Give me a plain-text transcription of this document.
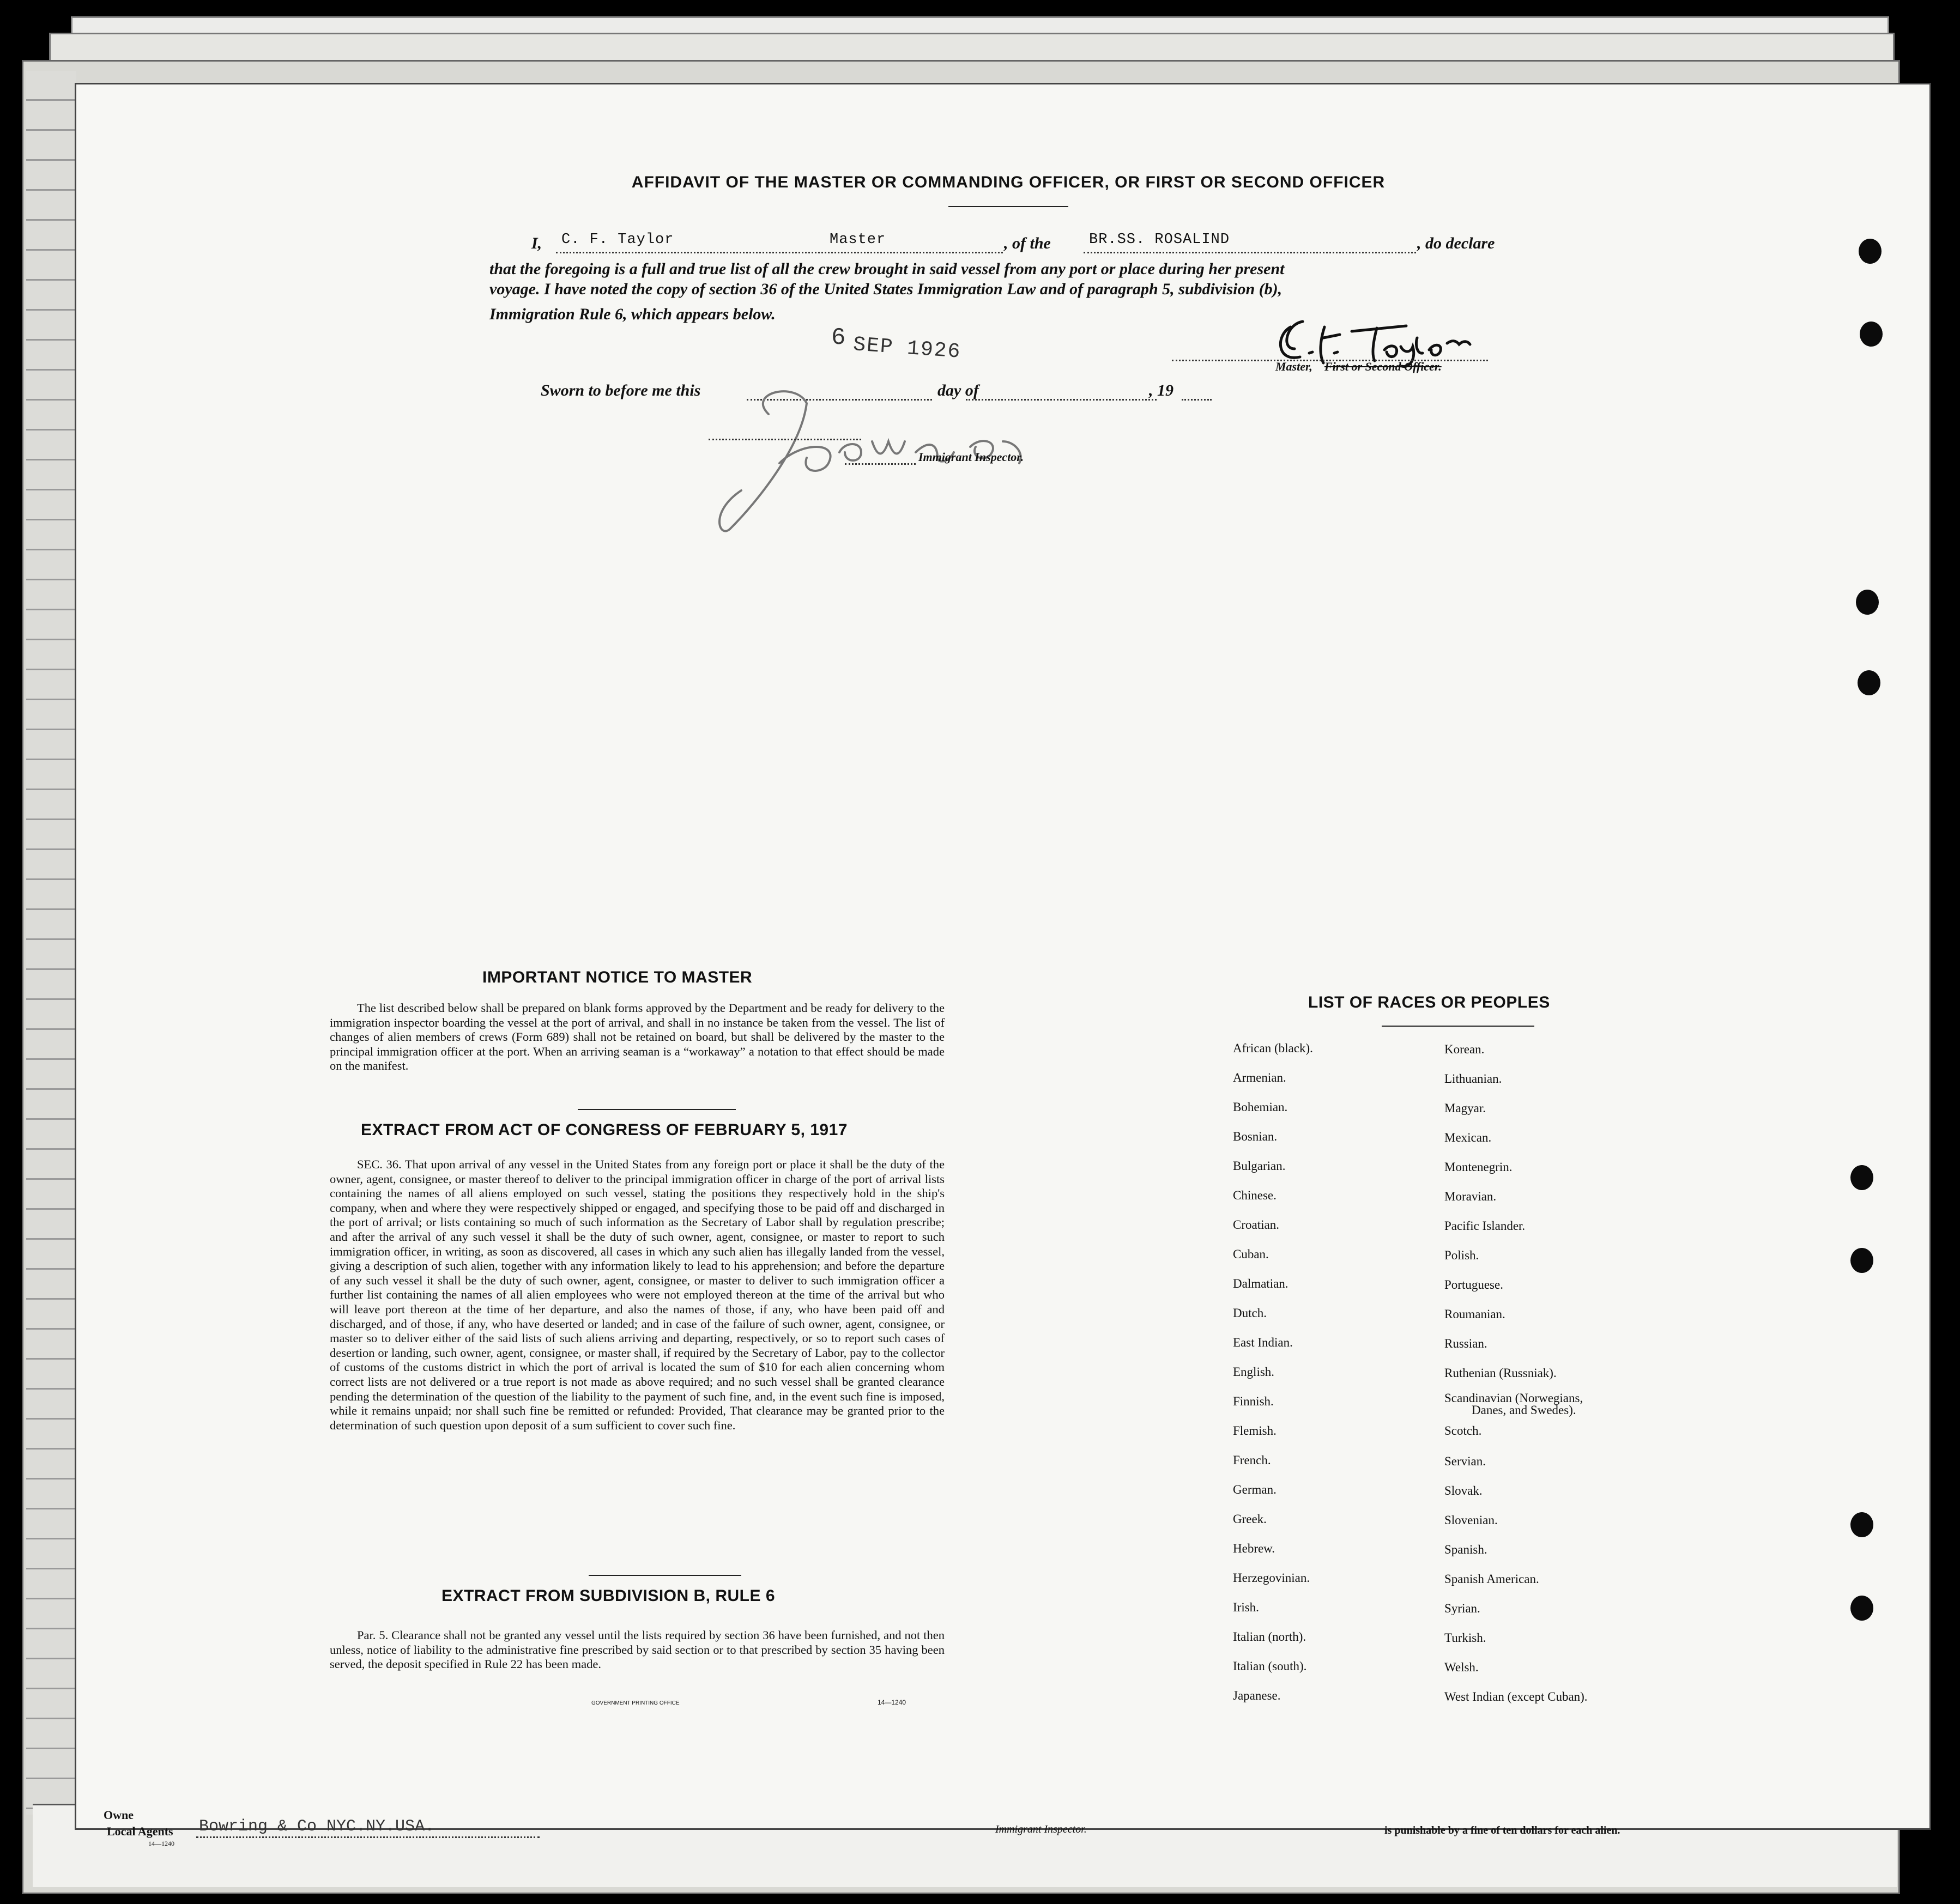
AFFIDAVIT OF THE MASTER OR COMMANDING OFFICER, OR FIRST OR SECOND OFFICER
I, C. F. Taylor	Master	, of the	BR.SS. ROSALIND	, do declare
that the foregoing is a full and true list of all the crew brought in said vessel from any port or place during her present
voyage. I have noted the copy of section 36 of the United States Immigration Law and of paragraph 5, subdivision (b),
Immigration Rule 6, which appears below.
6 SEP 1926
Master, First or Second Officer.
Sworn to before me this	day of	, 19
Immigrant Inspector.
IMPORTANT NOTICE TO MASTER

The list described below shall be prepared on blank forms approved by the Department and be ready for delivery to the immigration inspector boarding the vessel at the port of arrival, and shall in no instance be taken from the vessel. The list of changes of alien members of crews (Form 689) shall not be retained on board, but shall be delivered by the master to the principal immigration officer at the port. When an arriving seaman is a “workaway” a notation to that effect should be made on the manifest.

EXTRACT FROM ACT OF CONGRESS OF FEBRUARY 5, 1917

SEC. 36. That upon arrival of any vessel in the United States from any foreign port or place it shall be the duty of the owner, agent, consignee, or master thereof to deliver to the principal immigration officer in charge of the port of arrival lists containing the names of all aliens employed on such vessel, stating the positions they respectively hold in the ship's company, when and where they were respectively shipped or engaged, and specifying those to be paid off and discharged in the port of arrival; or lists containing so much of such information as the Secretary of Labor shall by regulation prescribe; and after the arrival of any such vessel it shall be the duty of such owner, agent, consignee, or master to report to such immigration officer, in writing, as soon as discovered, all cases in which any such alien has illegally landed from the vessel, giving a description of such alien, together with any information likely to lead to his apprehension; and before the departure of any such vessel it shall be the duty of such owner, agent, consignee, or master to deliver to such immigration officer a further list containing the names of all alien employees who were not employed thereon at the time of the arrival but who will leave port thereon at the time of her departure, and also the names of those, if any, who have been paid off and discharged, and of those, if any, who have deserted or landed; and in case of the failure of such owner, agent, consignee, or master so to deliver either of the said lists of such aliens arriving and departing, respectively, or so to report such cases of desertion or landing, such owner, agent, consignee, or master shall, if required by the Secretary of Labor, pay to the collector of customs of the customs district in which the port of arrival is located the sum of $10 for each alien concerning whom correct lists are not delivered or a true report is not made as above required; and no such vessel shall be granted clearance pending the determination of the question of the liability to the payment of such fine, and, in the event such fine is imposed, while it remains unpaid; nor shall such fine be remitted or refunded: Provided, That clearance may be granted prior to the determination of such question upon deposit of a sum sufficient to cover such fine.

EXTRACT FROM SUBDIVISION B, RULE 6

Par. 5. Clearance shall not be granted any vessel until the lists required by section 36 have been furnished, and not then unless, notice of liability to the administrative fine prescribed by said section or to that prescribed by section 35 having been served, the deposit specified in Rule 22 has been made.

GOVERNMENT PRINTING OFFICE	14—1240
LIST OF RACES OR PEOPLES
African (black).
Armenian.
Bohemian.
Bosnian.
Bulgarian.
Chinese.
Croatian.
Cuban.
Dalmatian.
Dutch.
East Indian.
English.
Finnish.
Flemish.
French.
German.
Greek.
Hebrew.
Herzegovinian.
Irish.
Italian (north).
Italian (south).
Japanese.
Korean.
Lithuanian.
Magyar.
Mexican.
Montenegrin.
Moravian.
Pacific Islander.
Polish.
Portuguese.
Roumanian.
Russian.
Ruthenian (Russniak).
Scandinavian (Norwegians,
Danes, and Swedes).
Scotch.
Servian.
Slovak.
Slovenian.
Spanish.
Spanish American.
Syrian.
Turkish.
Welsh.
West Indian (except Cuban).
Owne
Local Agents Bowring & Co NYC.NY.USA.
14—1240
Immigrant Inspector.	is punishable by a fine of ten dollars for each alien.
